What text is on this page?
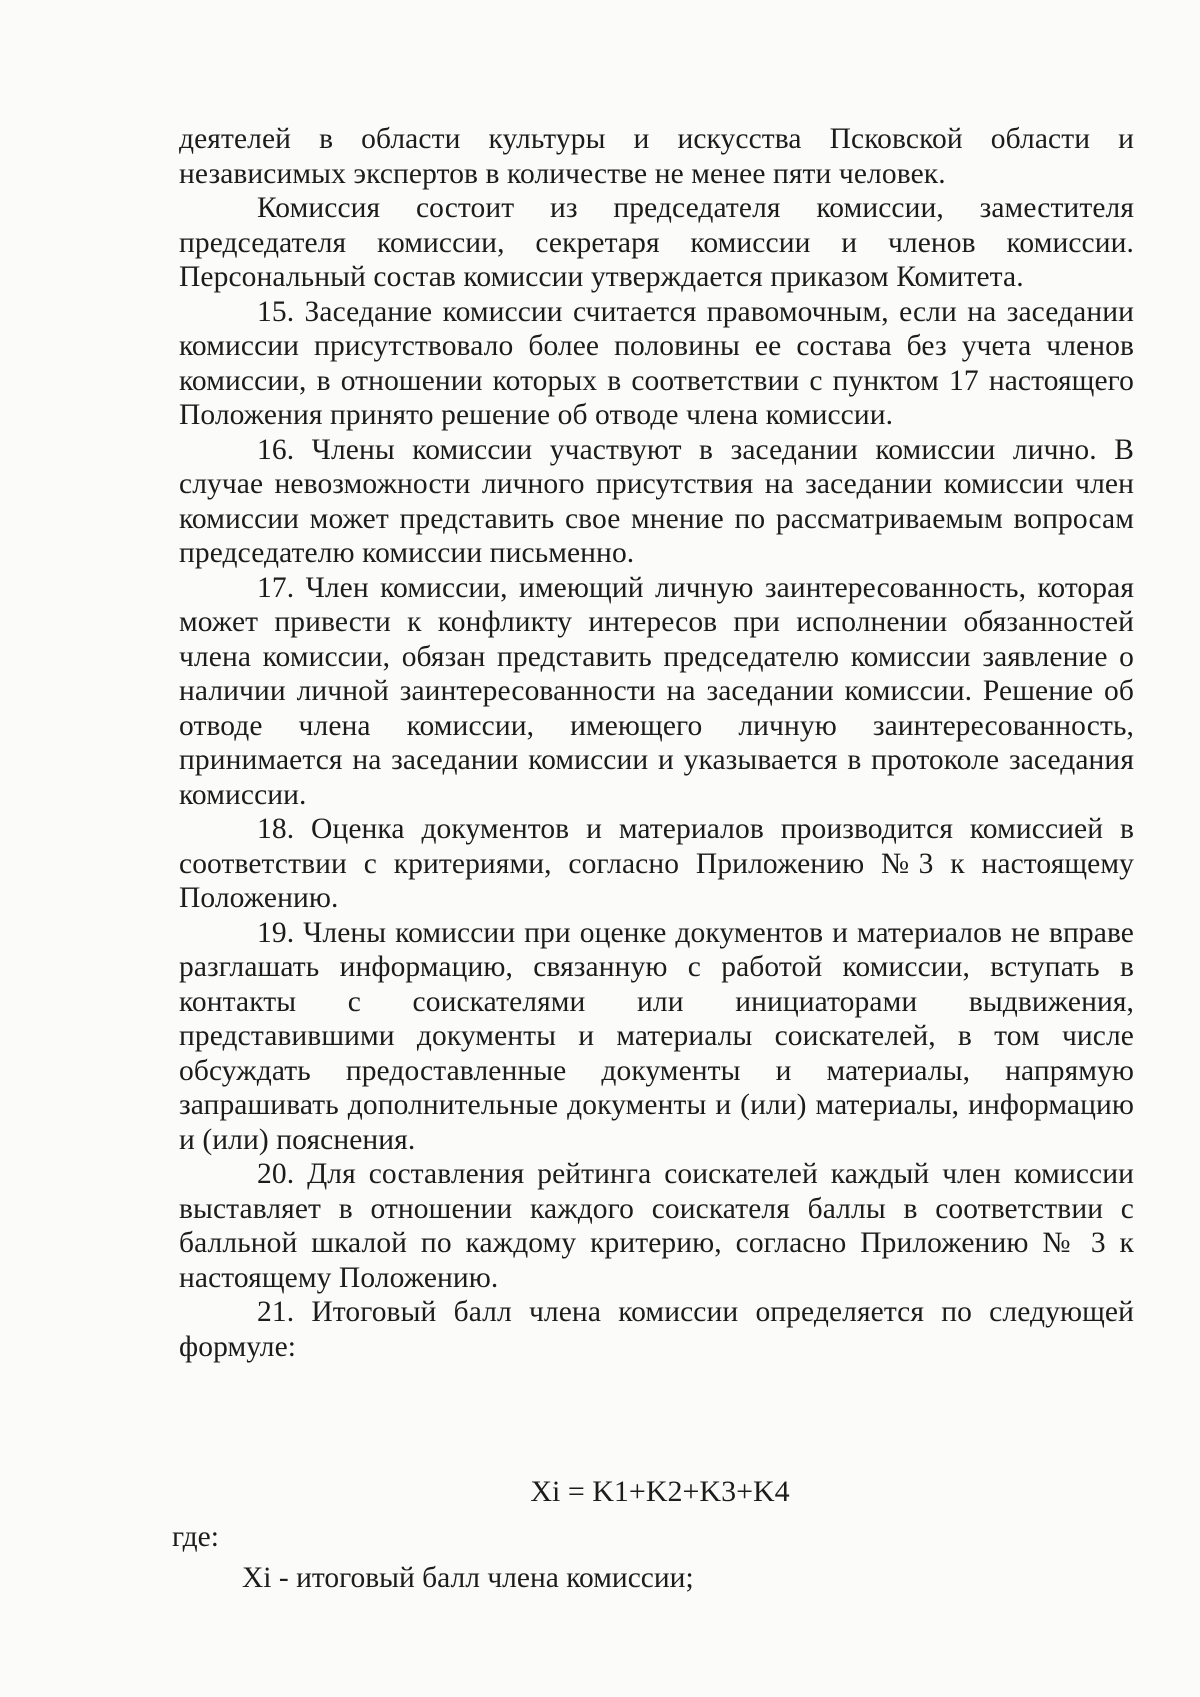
деятелей в области культуры и искусства Псковской области и независимых экспертов в количестве не менее пяти человек.

Комиссия состоит из председателя комиссии, заместителя председателя комиссии, секретаря комиссии и членов комиссии. Персональный состав комиссии утверждается приказом Комитета.

15. Заседание комиссии считается правомочным, если на заседании комиссии присутствовало более половины ее состава без учета членов комиссии, в отношении которых в соответствии с пунктом 17 настоящего Положения принято решение об отводе члена комиссии.

16. Члены комиссии участвуют в заседании комиссии лично. В случае невозможности личного присутствия на заседании комиссии член комиссии может представить свое мнение по рассматриваемым вопросам председателю комиссии письменно.

17. Член комиссии, имеющий личную заинтересованность, которая может привести к конфликту интересов при исполнении обязанностей члена комиссии, обязан представить председателю комиссии заявление о наличии личной заинтересованности на заседании комиссии. Решение об отводе члена комиссии, имеющего личную заинтересованность, принимается на заседании комиссии и указывается в протоколе заседания комиссии.

18. Оценка документов и материалов производится комиссией в соответствии с критериями, согласно Приложению №3 к настоящему Положению.

19. Члены комиссии при оценке документов и материалов не вправе разглашать информацию, связанную с работой комиссии, вступать в контакты с соискателями или инициаторами выдвижения, представившими документы и материалы соискателей, в том числе обсуждать предоставленные документы и материалы, напрямую запрашивать дополнительные документы и (или) материалы, информацию и (или) пояснения.

20. Для составления рейтинга соискателей каждый член комиссии выставляет в отношении каждого соискателя баллы в соответствии с балльной шкалой по каждому критерию, согласно Приложению № 3 к настоящему Положению.

21. Итоговый балл члена комиссии определяется по следующей формуле:

Xi = K1+K2+K3+K4
где:
Xi - итоговый балл члена комиссии;
